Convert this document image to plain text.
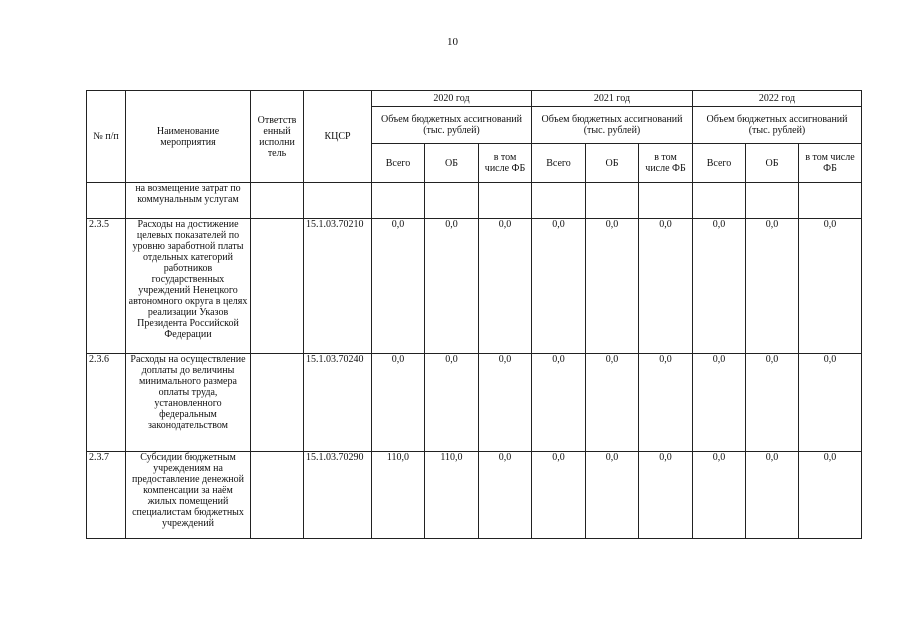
10
№ п/п	Наименование мероприятия	Ответств енный исполни тель	КЦСР	2020 год			2021 год			2022 год		
				Объем бюджетных ассигнований (тыс. рублей)			Объем бюджетных ассигнований (тыс. рублей)			Объем бюджетных ассигнований (тыс. рублей)		
				Всего	ОБ	в том числе ФБ	Всего	ОБ	в том числе ФБ	Всего	ОБ	в том числе ФБ
	на возмещение затрат по коммунальным услугам											
2.3.5	Расходы на достижение целевых показателей по уровню заработной платы отдельных категорий работников государственных учреждений Ненецкого автономного округа в целях реализации Указов Президента Российской Федерации		15.1.03.70210	0,0	0,0	0,0	0,0	0,0	0,0	0,0	0,0	0,0
2.3.6	Расходы на осуществление доплаты до величины минимального размера оплаты труда, установленного федеральным законодательством		15.1.03.70240	0,0	0,0	0,0	0,0	0,0	0,0	0,0	0,0	0,0
2.3.7	Субсидии бюджетным учреждениям на предоставление денежной компенсации за наём жилых помещений специалистам бюджетных учреждений		15.1.03.70290	110,0	110,0	0,0	0,0	0,0	0,0	0,0	0,0	0,0
